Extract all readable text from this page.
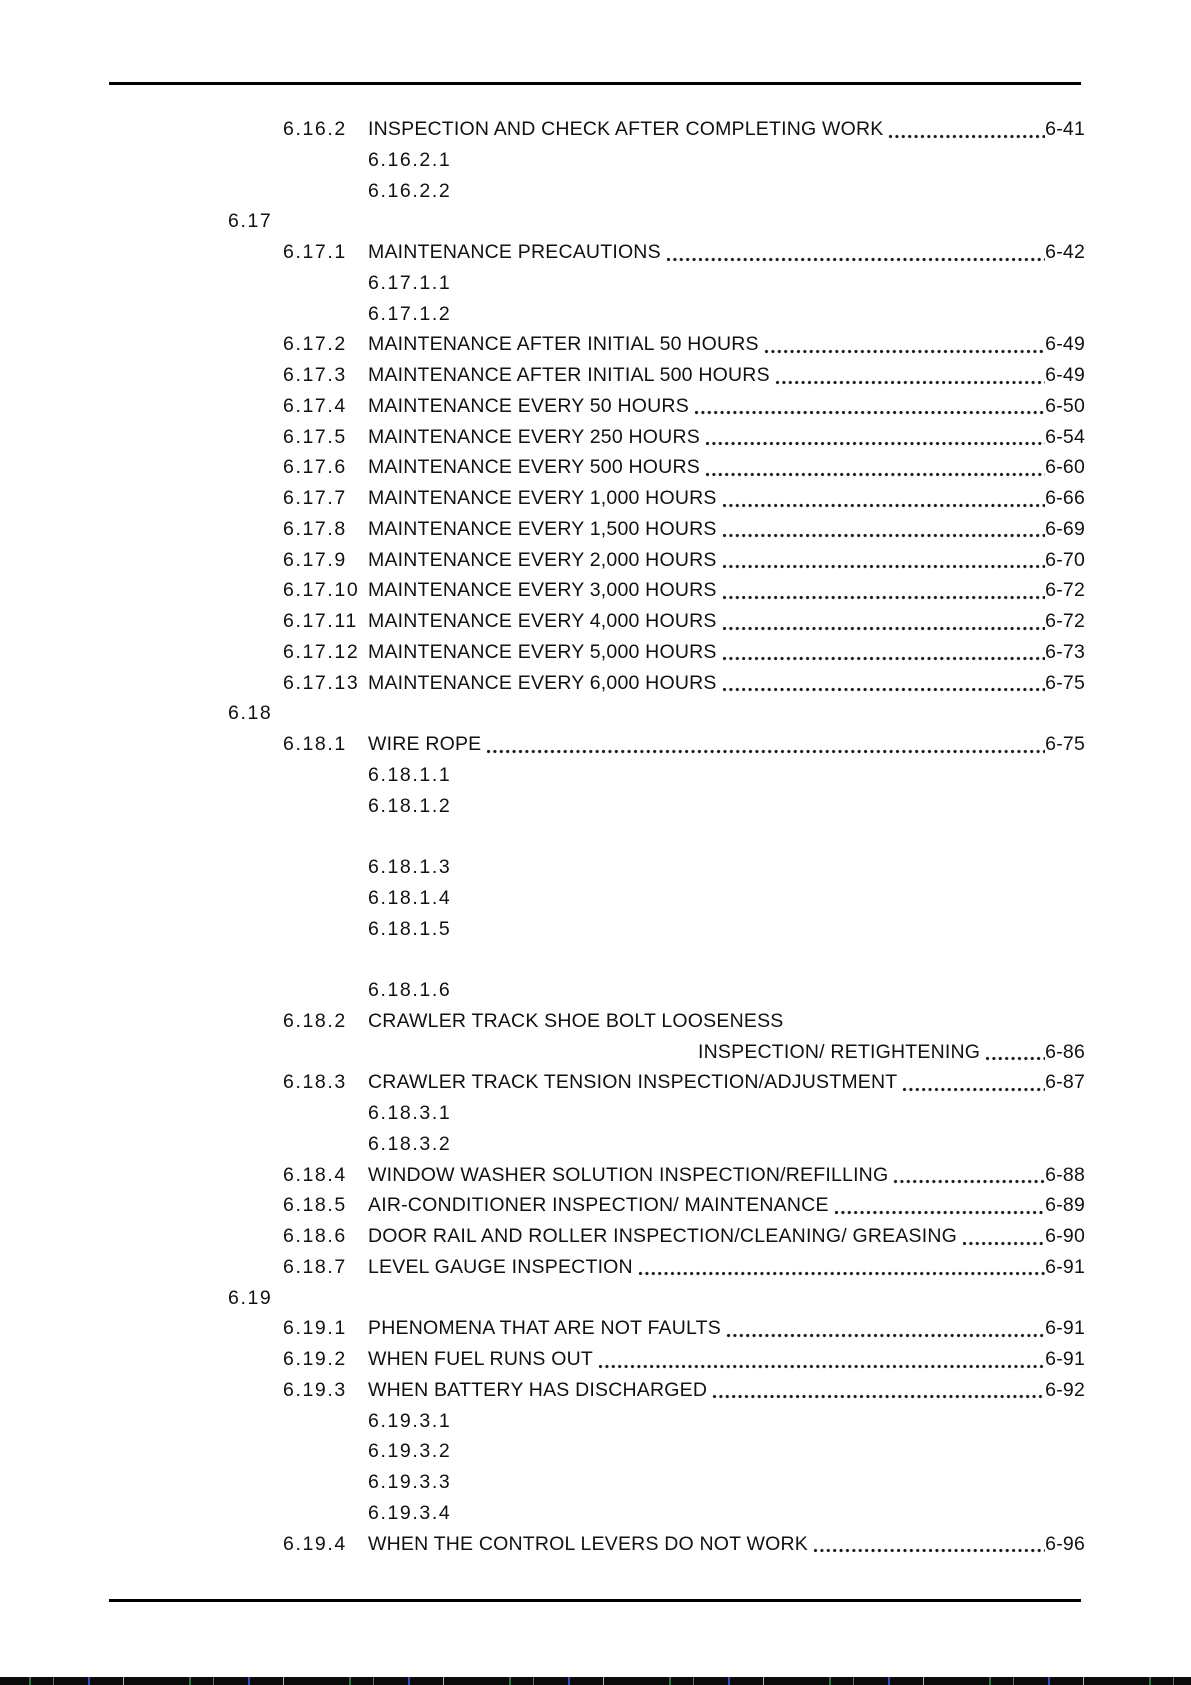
6.16.2	INSPECTION AND CHECK AFTER COMPLETING WORK	6-41
6.16.2.1
6.16.2.2
6.17
6.17.1	MAINTENANCE PRECAUTIONS	6-42
6.17.1.1
6.17.1.2
6.17.2	MAINTENANCE AFTER INITIAL 50 HOURS	6-49
6.17.3	MAINTENANCE AFTER INITIAL 500 HOURS	6-49
6.17.4	MAINTENANCE EVERY 50 HOURS	6-50
6.17.5	MAINTENANCE EVERY 250 HOURS	6-54
6.17.6	MAINTENANCE EVERY 500 HOURS	6-60
6.17.7	MAINTENANCE EVERY 1,000 HOURS	6-66
6.17.8	MAINTENANCE EVERY 1,500 HOURS	6-69
6.17.9	MAINTENANCE EVERY 2,000 HOURS	6-70
6.17.10 MAINTENANCE EVERY 3,000 HOURS	6-72
6.17.11 MAINTENANCE EVERY 4,000 HOURS	6-72
6.17.12 MAINTENANCE EVERY 5,000 HOURS	6-73
6.17.13 MAINTENANCE EVERY 6,000 HOURS	6-75
6.18
6.18.1	WIRE ROPE	6-75
6.18.1.1
6.18.1.2
6.18.1.3
6.18.1.4
6.18.1.5
6.18.1.6
6.18.2	CRAWLER TRACK SHOE BOLT LOOSENESS
INSPECTION/ RETIGHTENING	6-86
6.18.3	CRAWLER TRACK TENSION INSPECTION/ADJUSTMENT	6-87
6.18.3.1
6.18.3.2
6.18.4	WINDOW WASHER SOLUTION INSPECTION/REFILLING	6-88
6.18.5	AIR-CONDITIONER INSPECTION/ MAINTENANCE	6-89
6.18.6	DOOR RAIL AND ROLLER INSPECTION/CLEANING/ GREASING	6-90
6.18.7	LEVEL GAUGE INSPECTION	6-91
6.19
6.19.1	PHENOMENA THAT ARE NOT FAULTS	6-91
6.19.2	WHEN FUEL RUNS OUT	6-91
6.19.3	WHEN BATTERY HAS DISCHARGED	6-92
6.19.3.1
6.19.3.2
6.19.3.3
6.19.3.4
6.19.4	WHEN THE CONTROL LEVERS DO NOT WORK	6-96
